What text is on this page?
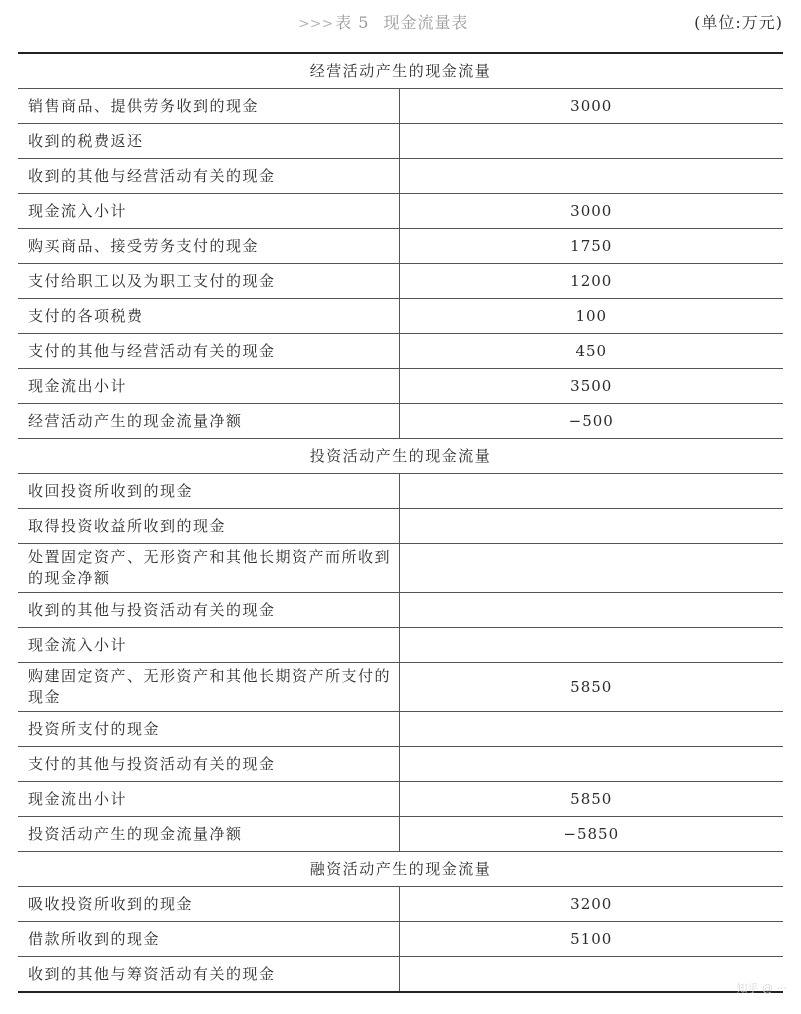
>>> 表 5 现金流量表	(单位:万元)
经营活动产生的现金流量	
销售商品、提供劳务收到的现金	3000
收到的税费返还	
收到的其他与经营活动有关的现金	
现金流入小计	3000
购买商品、接受劳务支付的现金	1750
支付给职工以及为职工支付的现金	1200
支付的各项税费	100
支付的其他与经营活动有关的现金	450
现金流出小计	3500
经营活动产生的现金流量净额	−500
投资活动产生的现金流量	
收回投资所收到的现金	
取得投资收益所收到的现金	
处置固定资产、无形资产和其他长期资产而所收到的现金净额	
收到的其他与投资活动有关的现金	
现金流入小计	
购建固定资产、无形资产和其他长期资产所支付的现金	5850
投资所支付的现金	
支付的其他与投资活动有关的现金	
现金流出小计	5850
投资活动产生的现金流量净额	−5850
融资活动产生的现金流量	
吸收投资所收到的现金	3200
借款所收到的现金	5100
收到的其他与筹资活动有关的现金	
知乎 @ ···
